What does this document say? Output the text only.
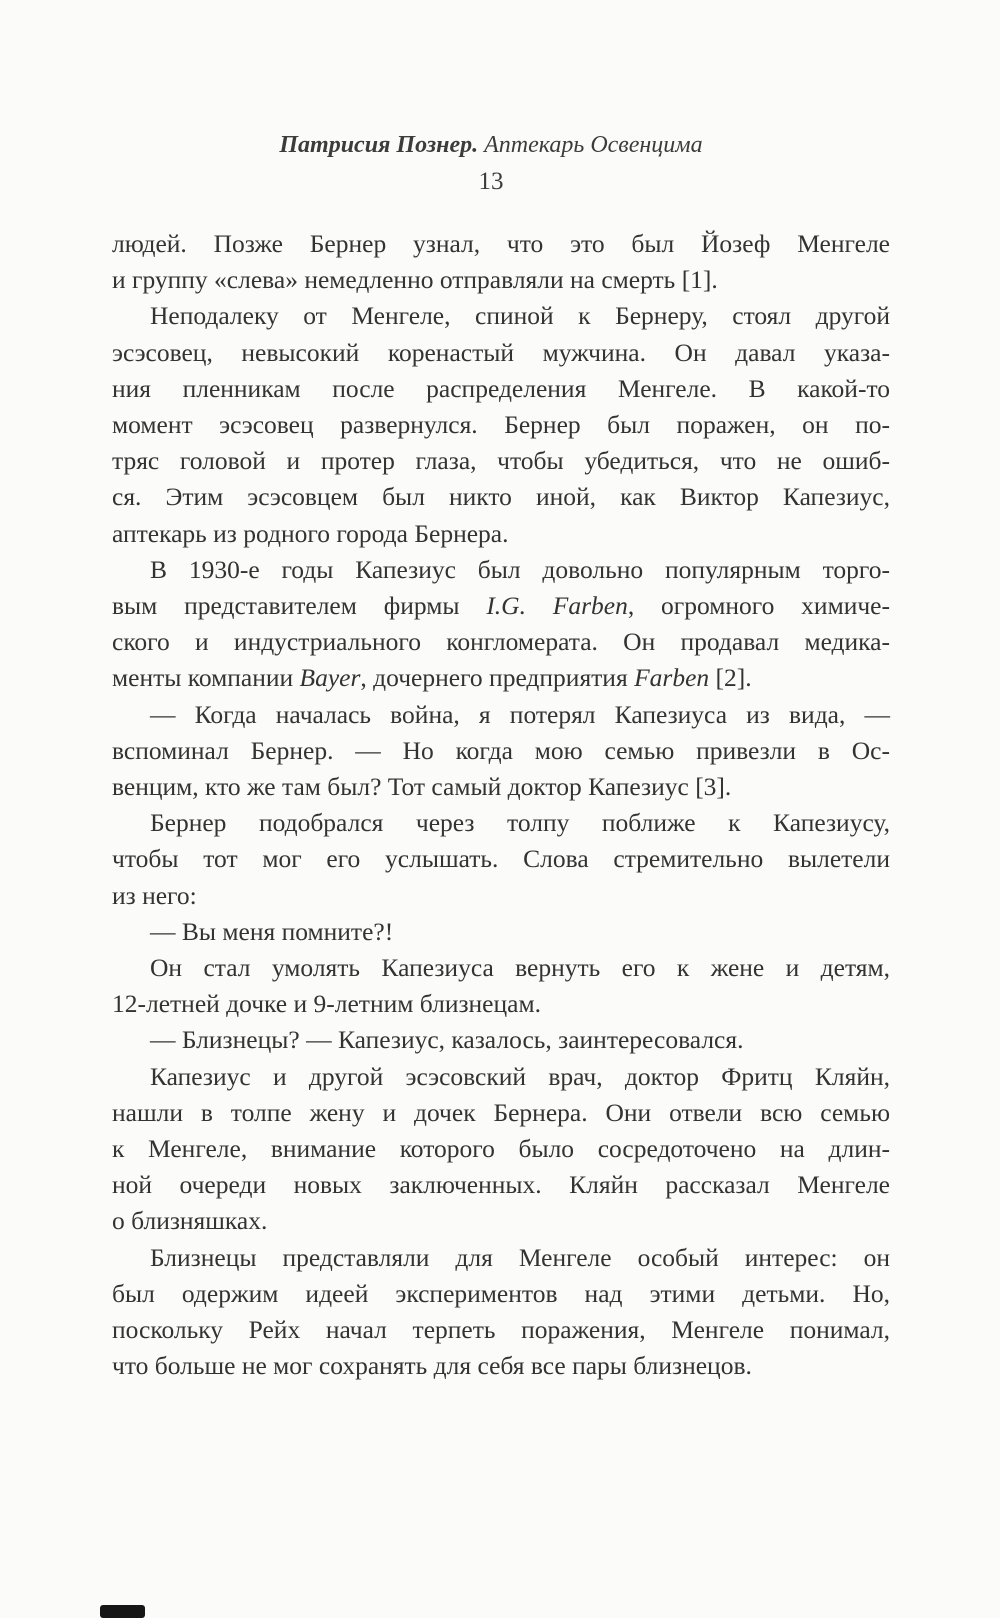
Патрисия Познер. Аптекарь Освенцима
13
людей. Позже Бернер узнал, что это был Йозеф Менгеле
и группу «слева» немедленно отправляли на смерть [1].
Неподалеку от Менгеле, спиной к Бернеру, стоял другой
эсэсовец, невысокий коренастый мужчина. Он давал указа-
ния пленникам после распределения Менгеле. В какой-то
момент эсэсовец развернулся. Бернер был поражен, он по-
тряс головой и протер глаза, чтобы убедиться, что не ошиб-
ся. Этим эсэсовцем был никто иной, как Виктор Капезиус,
аптекарь из родного города Бернера.
В 1930-е годы Капезиус был довольно популярным торго-
вым представителем фирмы I.G. Farben, огромного химиче-
ского и индустриального конгломерата. Он продавал медика-
менты компании Bayer, дочернего предприятия Farben [2].
— Когда началась война, я потерял Капезиуса из вида, —
вспоминал Бернер. — Но когда мою семью привезли в Ос-
венцим, кто же там был? Тот самый доктор Капезиус [3].
Бернер подобрался через толпу поближе к Капезиусу,
чтобы тот мог его услышать. Слова стремительно вылетели
из него:
— Вы меня помните?!
Он стал умолять Капезиуса вернуть его к жене и детям,
12-летней дочке и 9-летним близнецам.
— Близнецы? — Капезиус, казалось, заинтересовался.
Капезиус и другой эсэсовский врач, доктор Фритц Кляйн,
нашли в толпе жену и дочек Бернера. Они отвели всю семью
к Менгеле, внимание которого было сосредоточено на длин-
ной очереди новых заключенных. Кляйн рассказал Менгеле
о близняшках.
Близнецы представляли для Менгеле особый интерес: он
был одержим идеей экспериментов над этими детьми. Но,
поскольку Рейх начал терпеть поражения, Менгеле понимал,
что больше не мог сохранять для себя все пары близнецов.
